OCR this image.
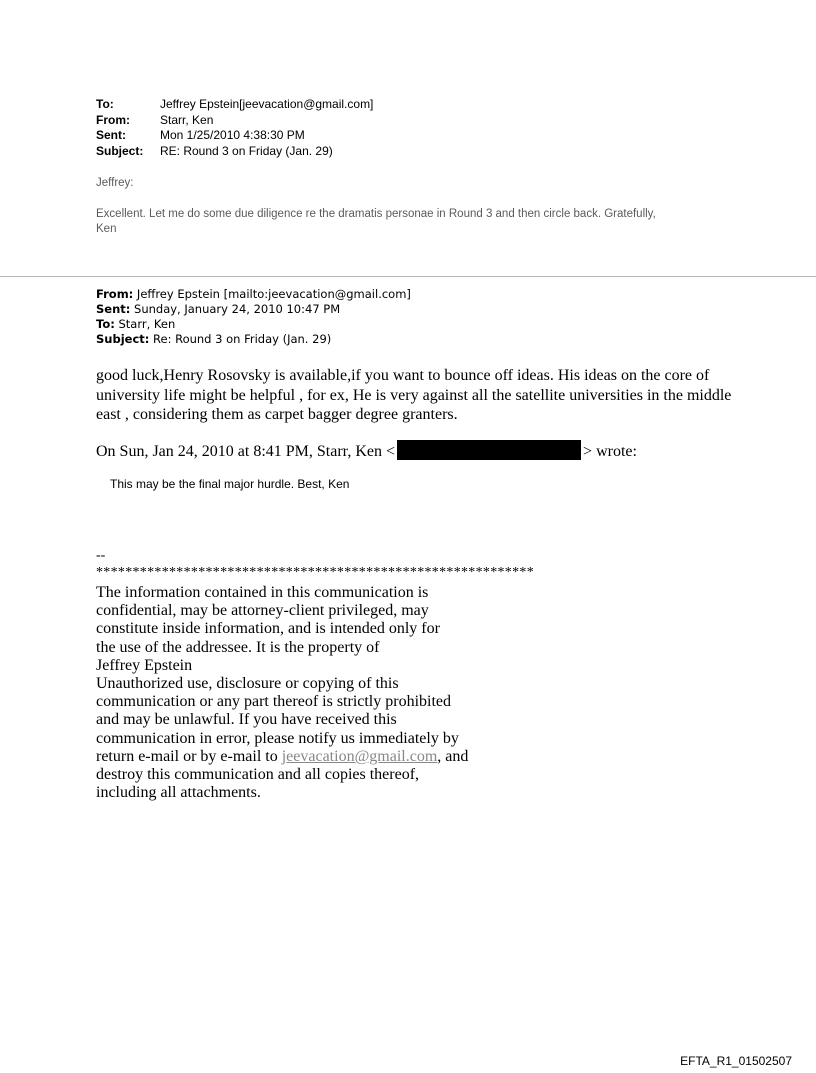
To:	Jeffrey Epstein[jeevacation@gmail.com]
From:	Starr, Ken
Sent:	Mon 1/25/2010 4:38:30 PM
Subject:	RE: Round 3 on Friday (Jan. 29)
Jeffrey:
Excellent. Let me do some due diligence re the dramatis personae in Round 3 and then circle back. Gratefully,
Ken
From: Jeffrey Epstein [mailto:jeevacation@gmail.com]
Sent: Sunday, January 24, 2010 10:47 PM
To: Starr, Ken
Subject: Re: Round 3 on Friday (Jan. 29)
good luck,Henry Rosovsky is available,if you want to bounce off ideas. His ideas on the core of university life might be helpful , for ex, He is very against all the satellite universities in the middle east , considering them as carpet bagger degree granters.
On Sun, Jan 24, 2010 at 8:41 PM, Starr, Ken <	> wrote:
This may be the final major hurdle. Best, Ken
--
************************************************************
The information contained in this communication is
confidential, may be attorney-client privileged, may
constitute inside information, and is intended only for
the use of the addressee. It is the property of
Jeffrey Epstein
Unauthorized use, disclosure or copying of this
communication or any part thereof is strictly prohibited
and may be unlawful. If you have received this
communication in error, please notify us immediately by
return e-mail or by e-mail to jeevacation@gmail.com, and
destroy this communication and all copies thereof,
including all attachments.
EFTA_R1_01502507
